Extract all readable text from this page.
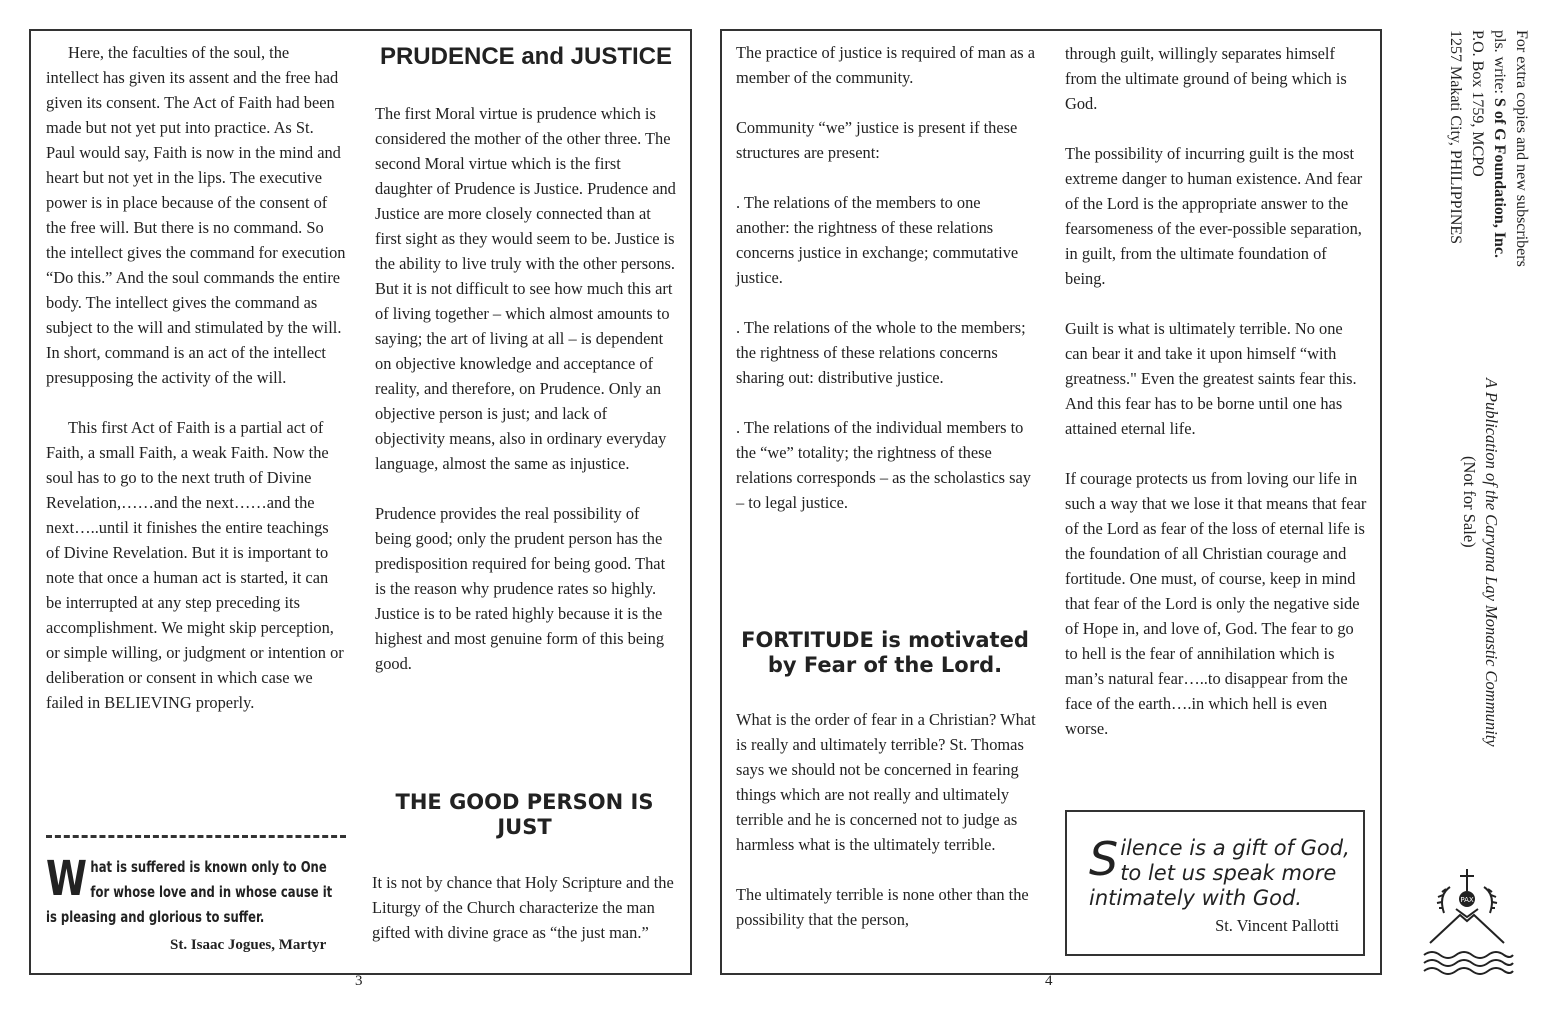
Here, the faculties of the soul, the intellect has given its assent and the free had given its consent. The Act of Faith had been made but not yet put into practice. As St. Paul would say, Faith is now in the mind and heart but not yet in the lips. The executive power is in place because of the consent of the free will. But there is no command. So the intellect gives the command for execution “Do this.” And the soul commands the entire body. The intellect gives the command as subject to the will and stimulated by the will. In short, command is an act of the intellect presupposing the activity of the will.

This first Act of Faith is a partial act of Faith, a small Faith, a weak Faith. Now the soul has to go to the next truth of Divine Revelation,……and the next……and the next…..until it finishes the entire teachings of Divine Revelation. But it is important to note that once a human act is started, it can be interrupted at any step preceding its accomplishment. We might skip perception, or simple willing, or judgment or intention or deliberation or consent in which case we failed in BELIEVING properly.

What is suffered is known only to One for whose love and in whose cause it is pleasing and glorious to suffer.
St. Isaac Jogues, Martyr
PRUDENCE and JUSTICE

The first Moral virtue is prudence which is considered the mother of the other three. The second Moral virtue which is the first daughter of Prudence is Justice. Prudence and Justice are more closely connected than at first sight as they would seem to be. Justice is the ability to live truly with the other persons. But it is not difficult to see how much this art of living together – which almost amounts to saying; the art of living at all – is dependent on objective knowledge and acceptance of reality, and therefore, on Prudence. Only an objective person is just; and lack of objectivity means, also in ordinary everyday language, almost the same as injustice.

Prudence provides the real possibility of being good; only the prudent person has the predisposition required for being good. That is the reason why prudence rates so highly. Justice is to be rated highly because it is the highest and most genuine form of this being good.

THE GOOD PERSON IS JUST

It is not by chance that Holy Scripture and the Liturgy of the Church characterize the man gifted with divine grace as “the just man.”

3

The practice of justice is required of man as a member of the community.

Community “we” justice is present if these structures are present:

. The relations of the members to one another: the rightness of these relations concerns justice in exchange; commutative justice.

. The relations of the whole to the members; the rightness of these relations concerns sharing out: distributive justice.

. The relations of the individual members to the “we” totality; the rightness of these relations corresponds – as the scholastics say – to legal justice.

FORTITUDE is motivated by Fear of the Lord.

What is the order of fear in a Christian? What is really and ultimately terrible? St. Thomas says we should not be concerned in fearing things which are not really and ultimately terrible and he is concerned not to judge as harmless what is the ultimately terrible.

The ultimately terrible is none other than the possibility that the person,

through guilt, willingly separates himself from the ultimate ground of being which is God.

The possibility of incurring guilt is the most extreme danger to human existence. And fear of the Lord is the appropriate answer to the fearsomeness of the ever-possible separation, in guilt, from the ultimate foundation of being.

Guilt is what is ultimately terrible. No one can bear it and take it upon himself “with greatness." Even the greatest saints fear this. And this fear has to be borne until one has attained eternal life.

If courage protects us from loving our life in such a way that we lose it that means that fear of the Lord as fear of the loss of eternal life is the foundation of all Christian courage and fortitude. One must, of course, keep in mind that fear of the Lord is only the negative side of Hope in, and love of, God. The fear to go to hell is the fear of annihilation which is man’s natural fear…..to disappear from the face of the earth….in which hell is even worse.

Silence is a gift of God, to let us speak more intimately with God.
St. Vincent Pallotti
4
For extra copies and new subscribers
pls. write: S of G Foundation, Inc.
P.O. Box 1759, MCPO
1257 Makati City, PHILIPPINES
A Publication of the Caryana Lay Monastic Community
(Not for Sale)
PAX
